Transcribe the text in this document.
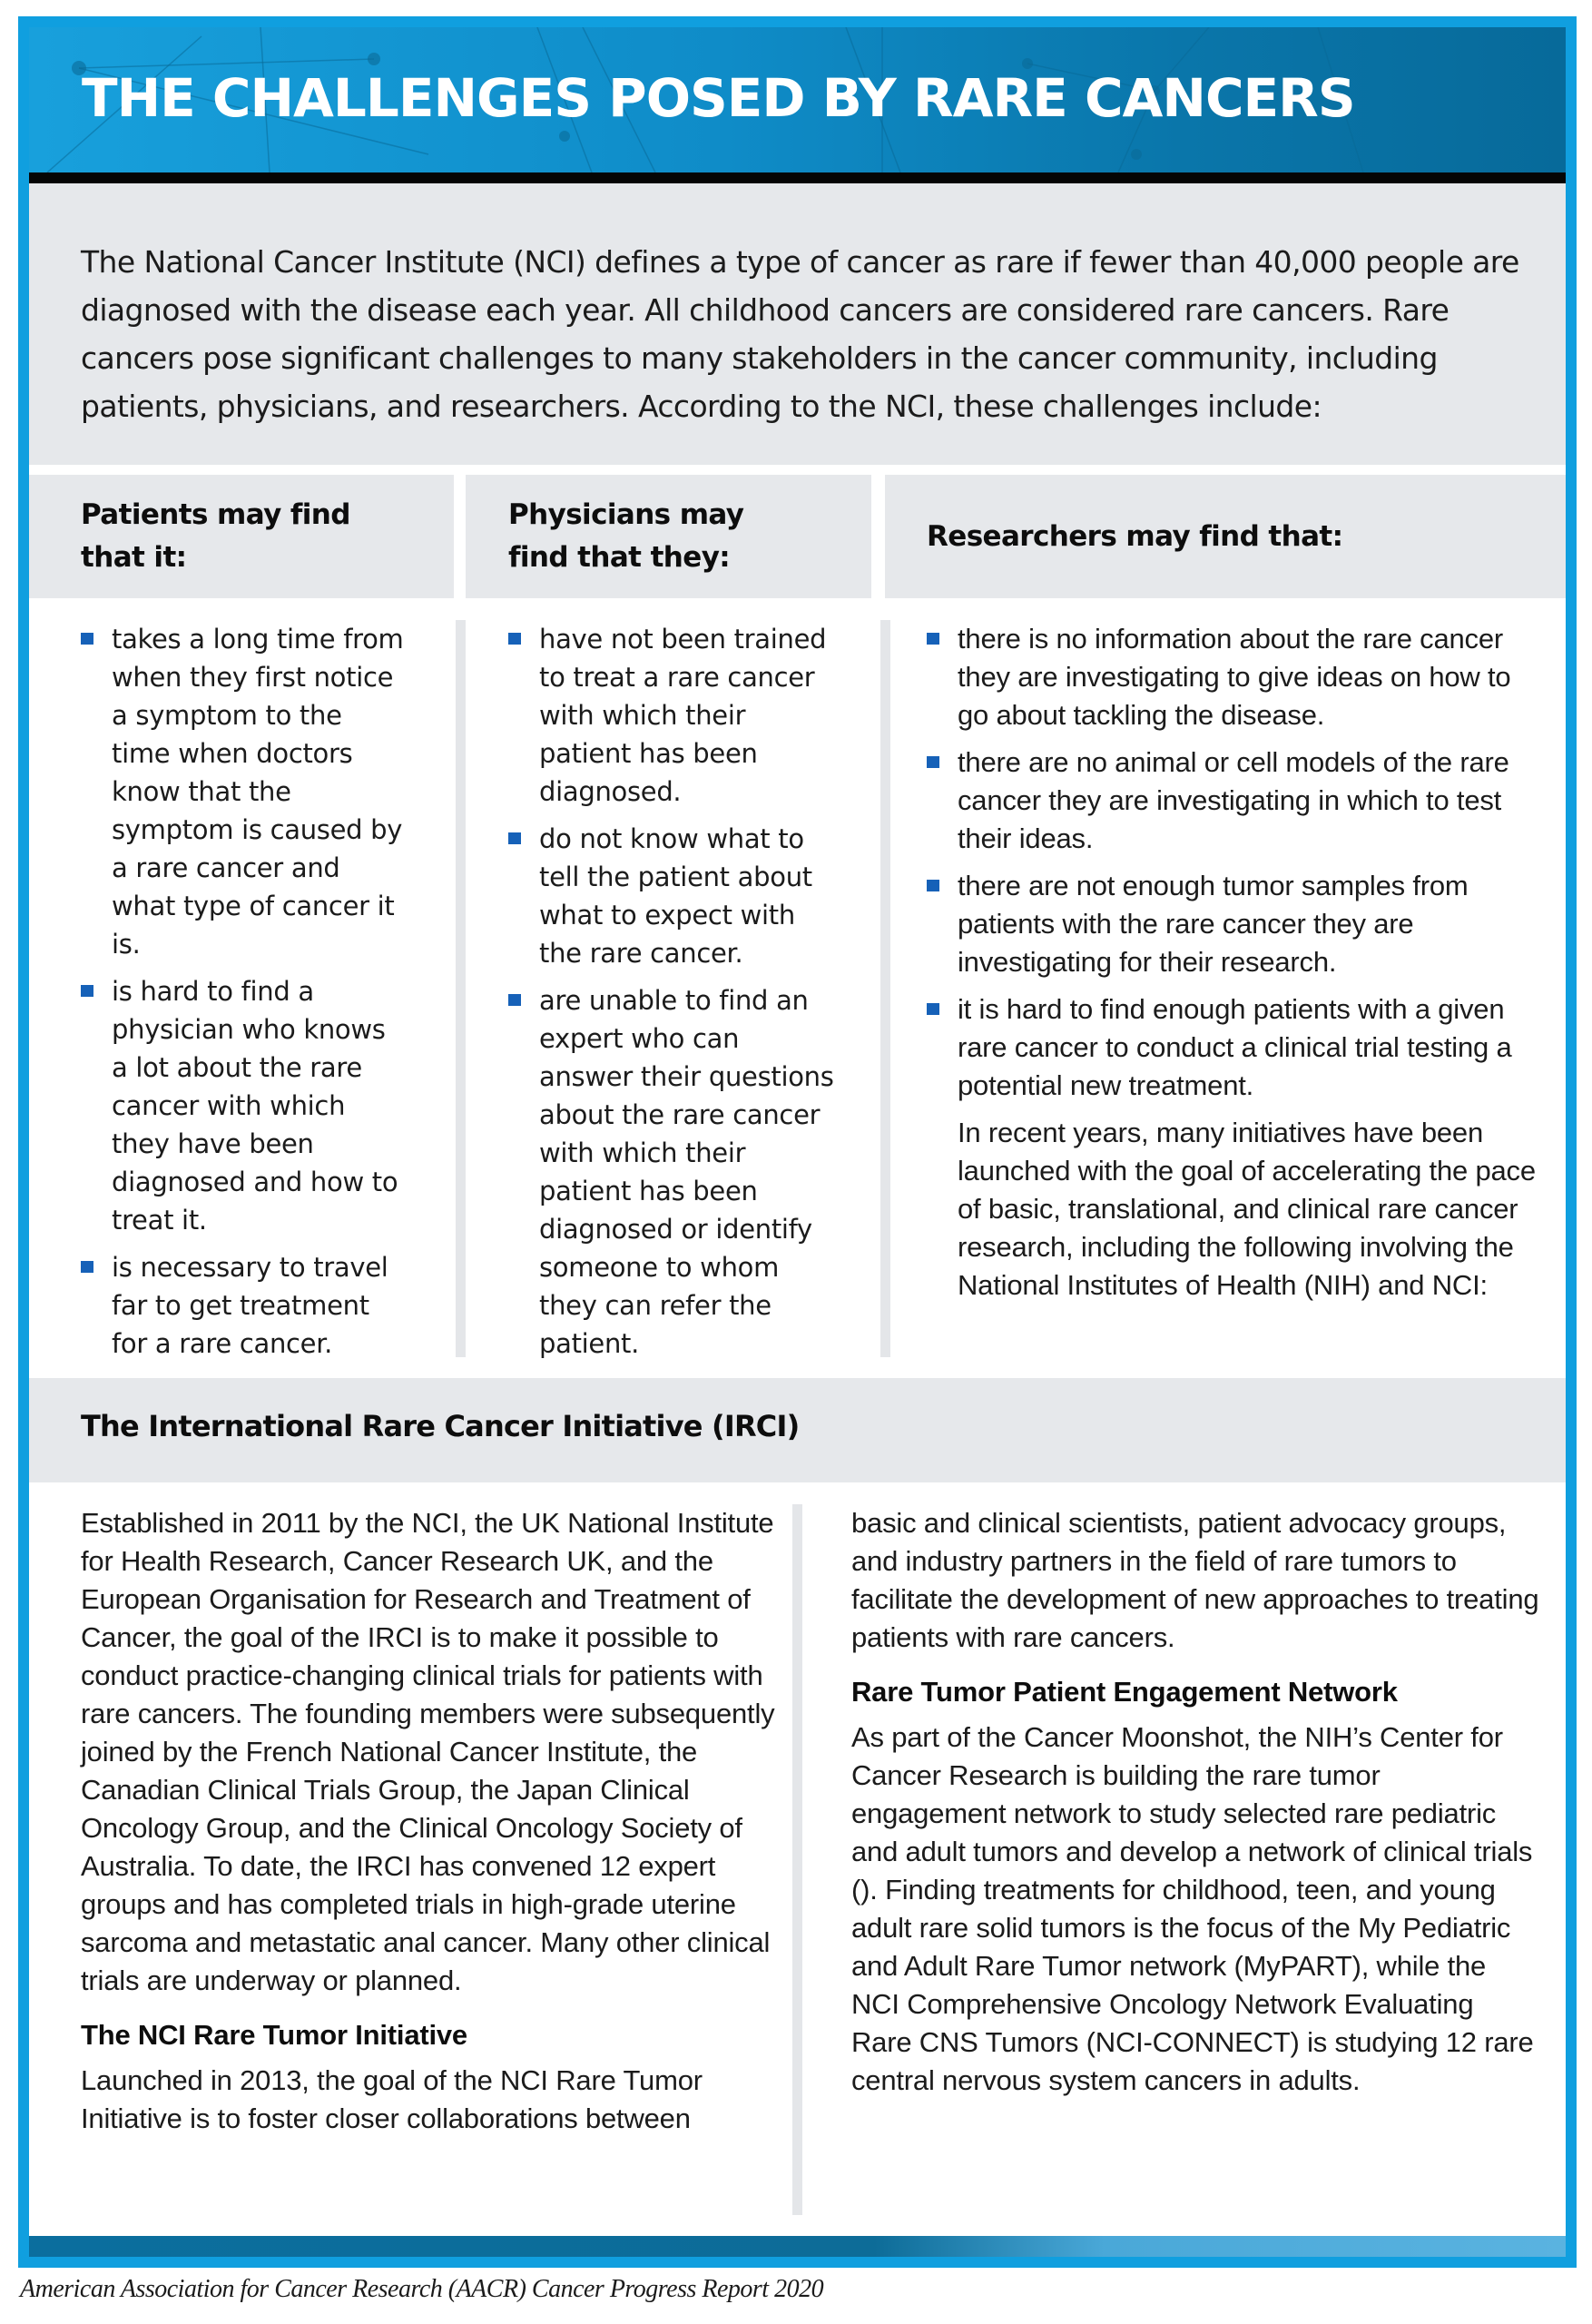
THE CHALLENGES POSED BY RARE CANCERS

The National Cancer Institute (NCI) defines a type of cancer as rare if fewer than 40,000 people are diagnosed with the disease each year. All childhood cancers are considered rare cancers. Rare cancers pose significant challenges to many stakeholders in the cancer community, including patients, physicians, and researchers. According to the NCI, these challenges include:

Patients may find that it:
Physicians may find that they:
Researchers may find that:
takes a long time from when they first notice a symptom to the time when doctors know that the symptom is caused by a rare cancer and what type of cancer it is.
is hard to find a physician who knows a lot about the rare cancer with which they have been diagnosed and how to treat it.
is necessary to travel far to get treatment for a rare cancer.
have not been trained to treat a rare cancer with which their patient has been diagnosed.
do not know what to tell the patient about what to expect with the rare cancer.
are unable to find an expert who can answer their questions about the rare cancer with which their patient has been diagnosed or identify someone to whom they can refer the patient.
there is no information about the rare cancer they are investigating to give ideas on how to go about tackling the disease.
there are no animal or cell models of the rare cancer they are investigating in which to test their ideas.
there are not enough tumor samples from patients with the rare cancer they are investigating for their research.
it is hard to find enough patients with a given rare cancer to conduct a clinical trial testing a potential new treatment.

In recent years, many initiatives have been launched with the goal of accelerating the pace of basic, translational, and clinical rare cancer research, including the following involving the National Institutes of Health (NIH) and NCI:

The International Rare Cancer Initiative (IRCI)

Established in 2011 by the NCI, the UK National Institute for Health Research, Cancer Research UK, and the European Organisation for Research and Treatment of Cancer, the goal of the IRCI is to make it possible to conduct practice-changing clinical trials for patients with rare cancers. The founding members were subsequently joined by the French National Cancer Institute, the Canadian Clinical Trials Group, the Japan Clinical Oncology Group, and the Clinical Oncology Society of Australia. To date, the IRCI has convened 12 expert groups and has completed trials in high-grade uterine sarcoma and metastatic anal cancer. Many other clinical trials are underway or planned.

The NCI Rare Tumor Initiative

Launched in 2013, the goal of the NCI Rare Tumor Initiative is to foster closer collaborations between

basic and clinical scientists, patient advocacy groups, and industry partners in the field of rare tumors to facilitate the development of new approaches to treating patients with rare cancers.

Rare Tumor Patient Engagement Network

As part of the Cancer Moonshot, the NIH’s Center for Cancer Research is building the rare tumor engagement network to study selected rare pediatric and adult tumors and develop a network of clinical trials (). Finding treatments for childhood, teen, and young adult rare solid tumors is the focus of the My Pediatric and Adult Rare Tumor network (MyPART), while the NCI Comprehensive Oncology Network Evaluating Rare CNS Tumors (NCI-CONNECT) is studying 12 rare central nervous system cancers in adults.

American Association for Cancer Research (AACR) Cancer Progress Report 2020
